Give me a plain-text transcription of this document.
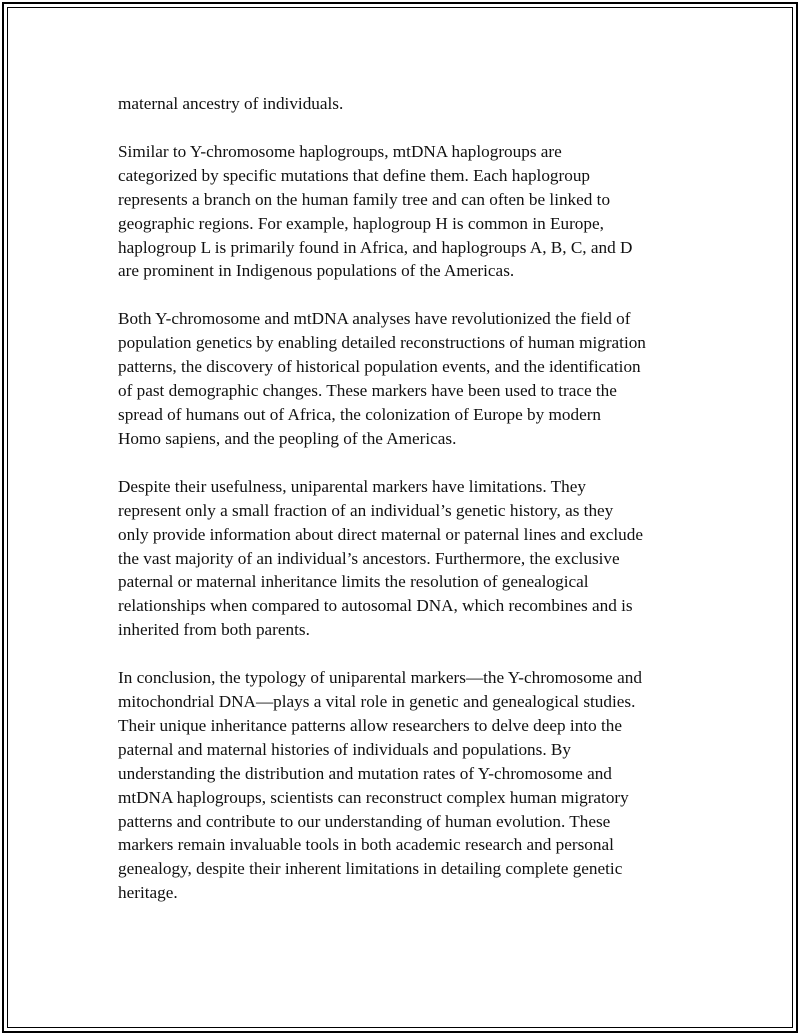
maternal ancestry of individuals.

Similar to Y-chromosome haplogroups, mtDNA haplogroups are
categorized by specific mutations that define them. Each haplogroup
represents a branch on the human family tree and can often be linked to
geographic regions. For example, haplogroup H is common in Europe,
haplogroup L is primarily found in Africa, and haplogroups A, B, C, and D
are prominent in Indigenous populations of the Americas.

Both Y-chromosome and mtDNA analyses have revolutionized the field of
population genetics by enabling detailed reconstructions of human migration
patterns, the discovery of historical population events, and the identification
of past demographic changes. These markers have been used to trace the
spread of humans out of Africa, the colonization of Europe by modern
Homo sapiens, and the peopling of the Americas.

Despite their usefulness, uniparental markers have limitations. They
represent only a small fraction of an individual’s genetic history, as they
only provide information about direct maternal or paternal lines and exclude
the vast majority of an individual’s ancestors. Furthermore, the exclusive
paternal or maternal inheritance limits the resolution of genealogical
relationships when compared to autosomal DNA, which recombines and is
inherited from both parents.

In conclusion, the typology of uniparental markers—the Y-chromosome and
mitochondrial DNA—plays a vital role in genetic and genealogical studies.
Their unique inheritance patterns allow researchers to delve deep into the
paternal and maternal histories of individuals and populations. By
understanding the distribution and mutation rates of Y-chromosome and
mtDNA haplogroups, scientists can reconstruct complex human migratory
patterns and contribute to our understanding of human evolution. These
markers remain invaluable tools in both academic research and personal
genealogy, despite their inherent limitations in detailing complete genetic
heritage.
